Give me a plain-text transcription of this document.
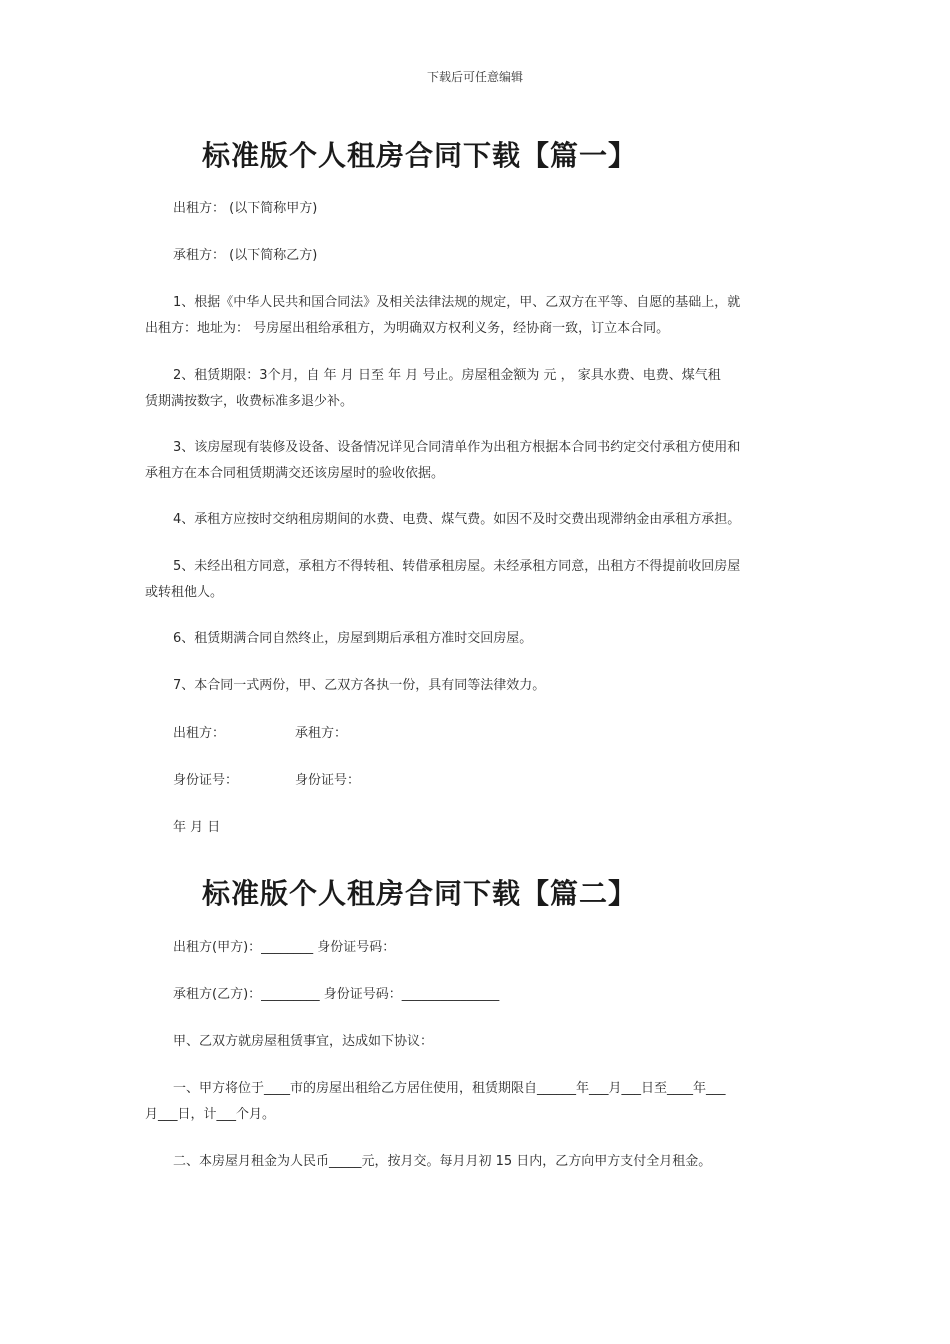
下载后可任意编辑
标准版个人租房合同下载【篇一】
出租方： (以下简称甲方)
承租方： (以下简称乙方)
1、根据《中华人民共和国合同法》及相关法律法规的规定，甲、乙双方在平等、自愿的基础上，就
出租方：地址为： 号房屋出租给承租方，为明确双方权利义务，经协商一致，订立本合同。
2、租赁期限：3个月，自 年 月 日至 年 月 号止。房屋租金额为 元 ， 家具水费、电费、煤气租
赁期满按数字，收费标准多退少补。
3、该房屋现有装修及设备、设备情况详见合同清单作为出租方根据本合同书约定交付承租方使用和
承租方在本合同租赁期满交还该房屋时的验收依据。
4、承租方应按时交纳租房期间的水费、电费、煤气费。如因不及时交费出现滞纳金由承租方承担。
5、未经出租方同意，承租方不得转租、转借承租房屋。未经承租方同意，出租方不得提前收回房屋
或转租他人。
6、租赁期满合同自然终止，房屋到期后承租方准时交回房屋。
7、本合同一式两份，甲、乙双方各执一份，具有同等法律效力。
出租方：	承租方：
身份证号：	身份证号：
年 月 日
标准版个人租房合同下载【篇二】
出租方(甲方)：________ 身份证号码：
承租方(乙方)：_________ 身份证号码：_______________
甲、乙双方就房屋租赁事宜，达成如下协议：
一、甲方将位于____市的房屋出租给乙方居住使用，租赁期限自______年___月___日至____年___
月___日，计___个月。
二、本房屋月租金为人民币_____元，按月交。每月月初 15 日内，乙方向甲方支付全月租金。
